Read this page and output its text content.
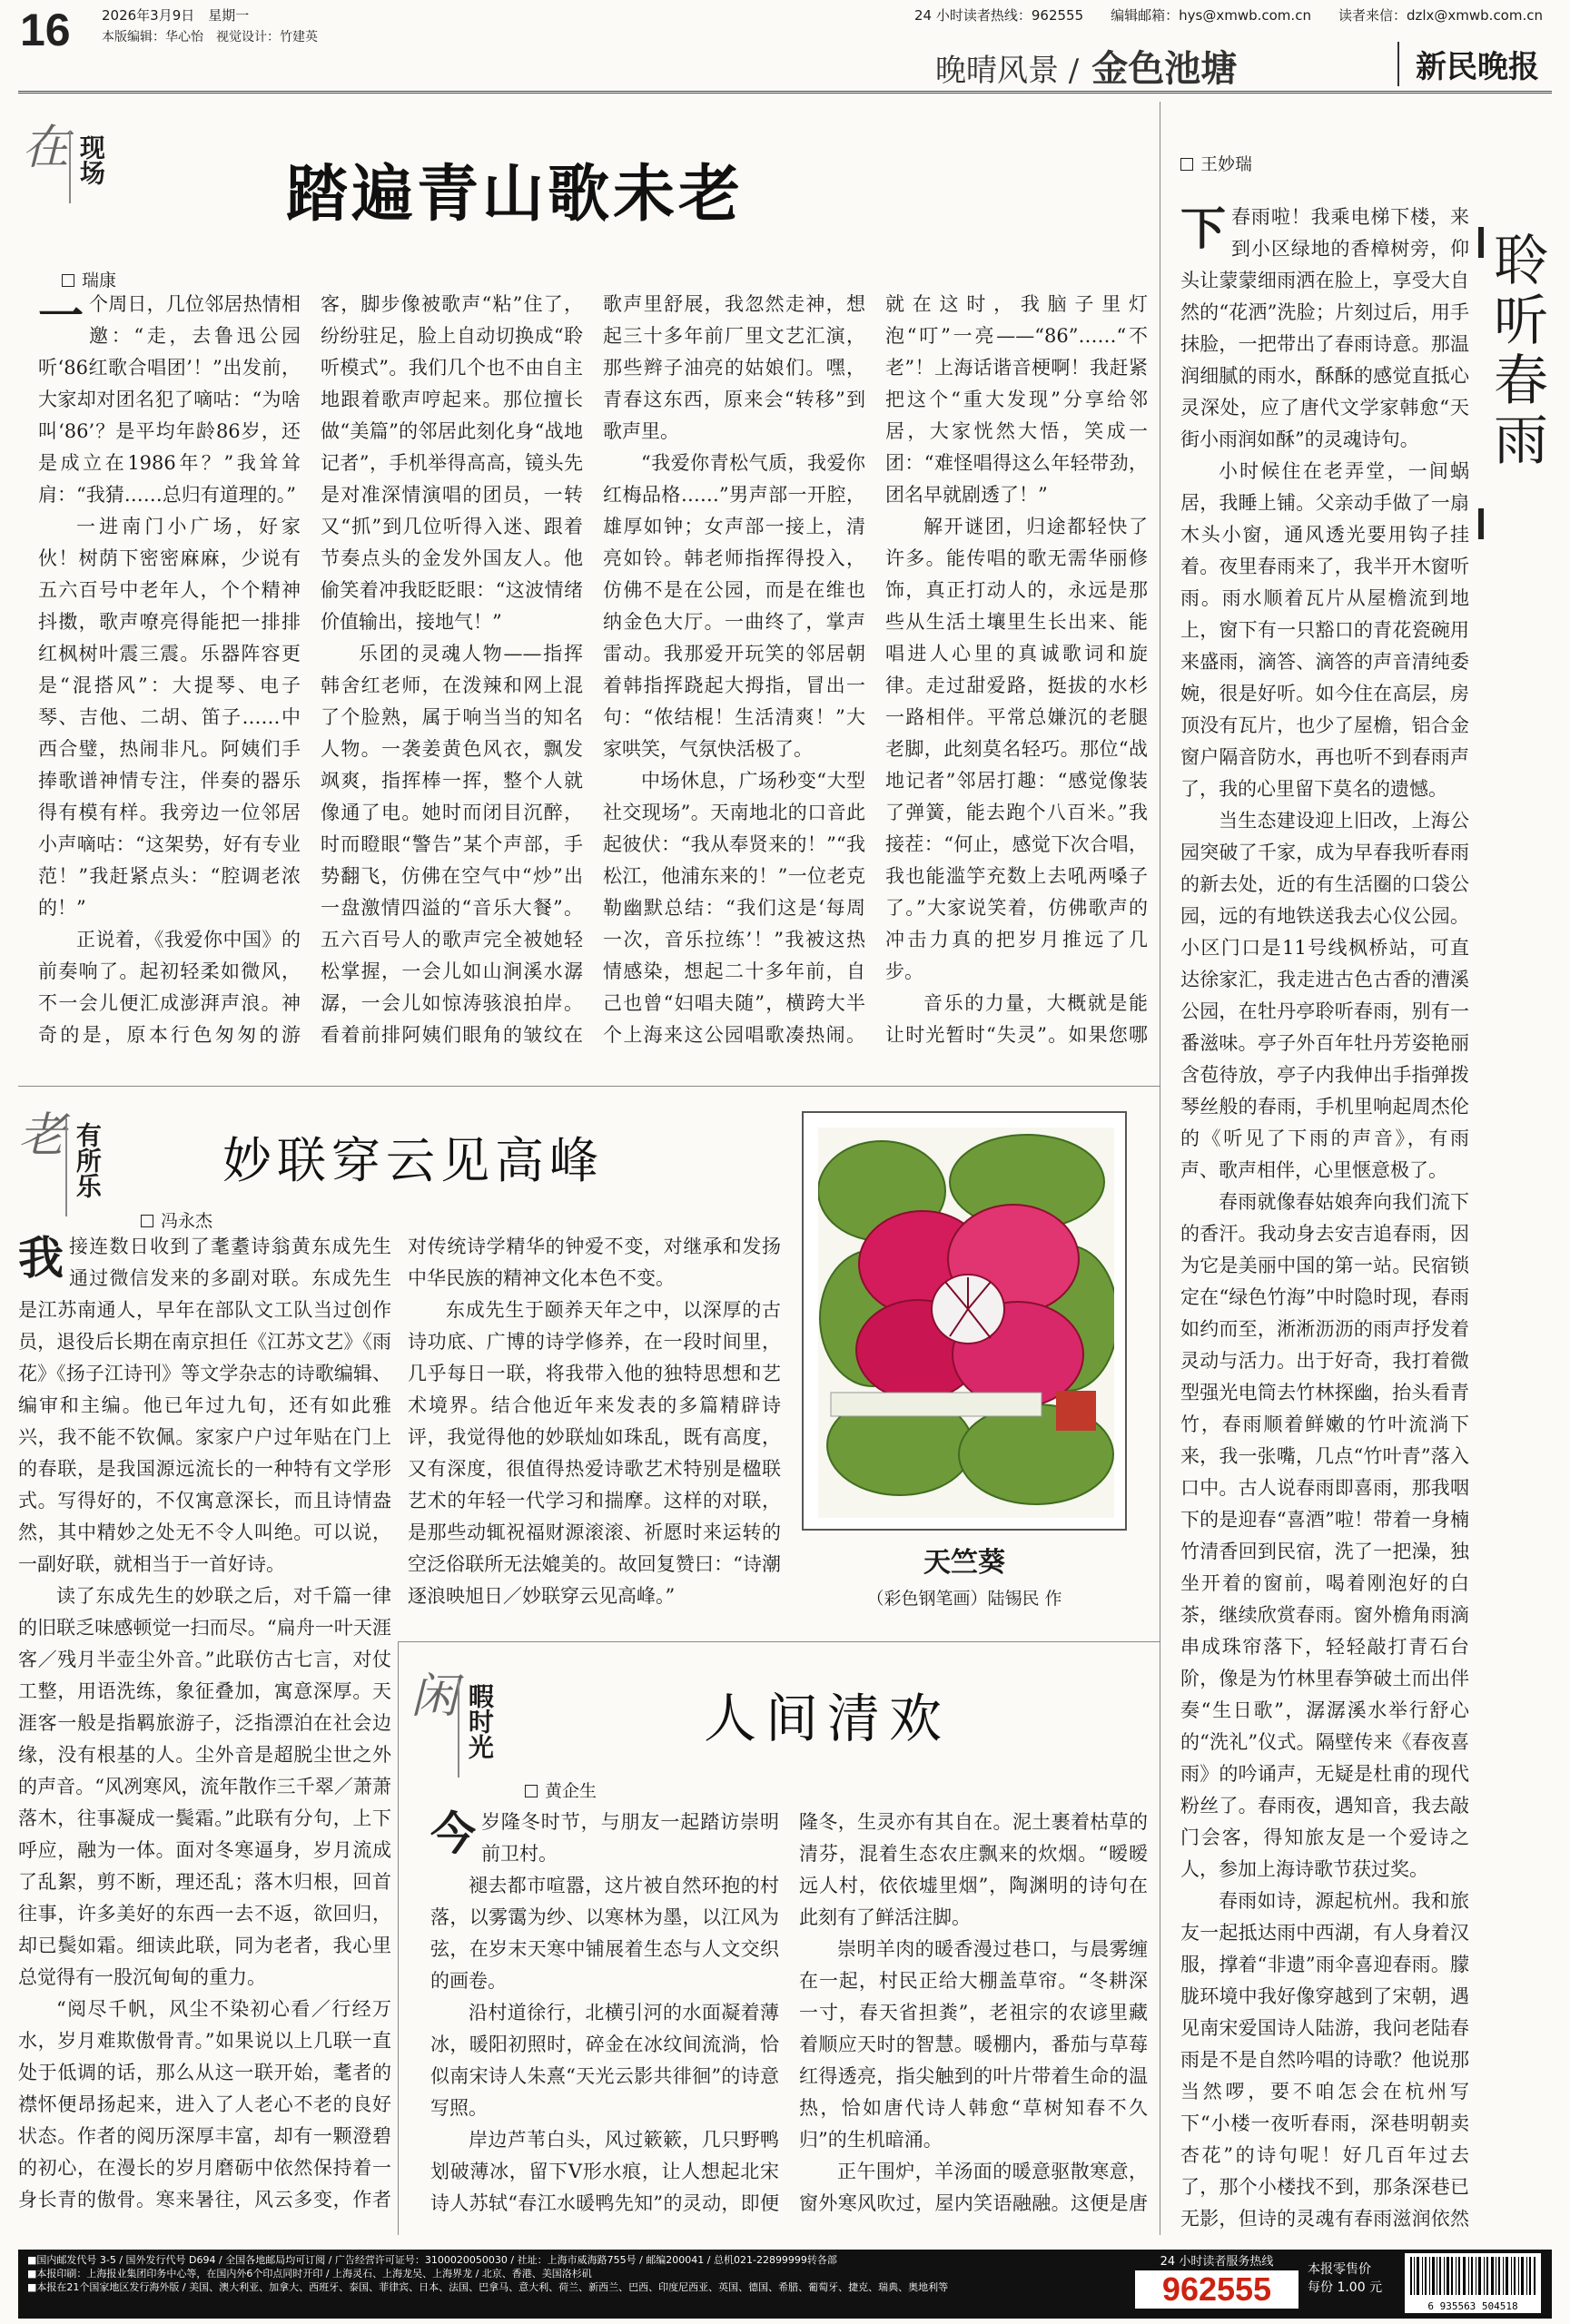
16 2026年3月9日　星期一
本版编辑：华心怡　视觉设计：竹建英
24 小时读者热线：962555 编辑邮箱：hys@xmwb.com.cn 读者来信：dzlx@xmwb.com.cn
晚晴风景 / 金色池塘	新民晚报
在 现场	踏遍青山歌未老
瑞康

一个周日，几位邻居热情相邀：“走，去鲁迅公园听‘86红歌合唱团’！”出发前，大家却对团名犯了嘀咕：“为啥叫‘86’？是平均年龄86岁，还是成立在1986年？”我耸耸肩：“我猜……总归有道理的。”

一进南门小广场，好家伙！树荫下密密麻麻，少说有五六百号中老年人，个个精神抖擞，歌声嘹亮得能把一排排红枫树叶震三震。乐器阵容更是“混搭风”：大提琴、电子琴、吉他、二胡、笛子……中西合璧，热闹非凡。阿姨们手捧歌谱神情专注，伴奏的器乐得有模有样。我旁边一位邻居小声嘀咕：“这架势，好有专业范！”我赶紧点头：“腔调老浓的！”

正说着，《我爱你中国》的前奏响了。起初轻柔如微风，不一会儿便汇成澎湃声浪。神奇的是，原本行色匆匆的游客，脚步像被歌声“粘”住了，纷纷驻足，脸上自动切换成“聆听模式”。我们几个也不由自主地跟着歌声哼起来。那位擅长做“美篇”的邻居此刻化身“战地记者”，手机举得高高，镜头先是对准深情演唱的团员，一转又“抓”到几位听得入迷、跟着节奏点头的金发外国友人。他偷笑着冲我眨眨眼：“这波情绪价值输出，接地气！”

乐团的灵魂人物——指挥韩舍红老师，在泼辣和网上混了个脸熟，属于响当当的知名人物。一袭姜黄色风衣，飘发飒爽，指挥棒一挥，整个人就像通了电。她时而闭目沉醉，时而瞪眼“警告”某个声部，手势翻飞，仿佛在空气中“炒”出一盘激情四溢的“音乐大餐”。五六百号人的歌声完全被她轻松掌握，一会儿如山涧溪水潺潺，一会儿如惊涛骇浪拍岸。看着前排阿姨们眼角的皱纹在歌声里舒展，我忽然走神，想起三十多年前厂里文艺汇演，那些辫子油亮的姑娘们。嘿，青春这东西，原来会“转移”到歌声里。

“我爱你青松气质，我爱你红梅品格……”男声部一开腔，雄厚如钟；女声部一接上，清亮如铃。韩老师指挥得投入，仿佛不是在公园，而是在维也纳金色大厅。一曲终了，掌声雷动。我那爱开玩笑的邻居朝着韩指挥跷起大拇指，冒出一句：“侬结棍！生活清爽！”大家哄笑，气氛快活极了。

中场休息，广场秒变“大型社交现场”。天南地北的口音此起彼伏：“我从奉贤来的！”“我松江，他浦东来的！”一位老克勒幽默总结：“我们这是‘每周一次，音乐拉练’！”我被这热情感染，想起二十多年前，自己也曾“妇唱夫随”，横跨大半个上海来这公园唱歌凑热闹。就在这时，我脑子里灯泡“叮”一亮——“86”……“不老”！上海话谐音梗啊！我赶紧把这个“重大发现”分享给邻居，大家恍然大悟，笑成一团：“难怪唱得这么年轻带劲，团名早就剧透了！”

解开谜团，归途都轻快了许多。能传唱的歌无需华丽修饰，真正打动人的，永远是那些从生活土壤里生长出来、能唱进人心里的真诚歌词和旋律。走过甜爱路，挺拔的水杉一路相伴。平常总嫌沉的老腿老脚，此刻莫名轻巧。那位“战地记者”邻居打趣：“感觉像装了弹簧，能去跑个八百米。”我接茬：“何止，感觉下次合唱，我也能滥竽充数上去吼两嗓子了。”大家说笑着，仿佛歌声的冲击力真的把岁月推远了几步。

音乐的力量，大概就是能让时光暂时“失灵”。如果您哪

王妙瑞
聆听春雨

下春雨啦！我乘电梯下楼，来到小区绿地的香樟树旁，仰头让蒙蒙细雨洒在脸上，享受大自然的“花洒”洗脸；片刻过后，用手抹脸，一把带出了春雨诗意。那温润细腻的雨水，酥酥的感觉直抵心灵深处，应了唐代文学家韩愈“天街小雨润如酥”的灵魂诗句。

小时候住在老弄堂，一间蜗居，我睡上铺。父亲动手做了一扇木头小窗，通风透光要用钩子挂着。夜里春雨来了，我半开木窗听雨。雨水顺着瓦片从屋檐流到地上，窗下有一只豁口的青花瓷碗用来盛雨，滴答、滴答的声音清纯委婉，很是好听。如今住在高层，房顶没有瓦片，也少了屋檐，铝合金窗户隔音防水，再也听不到春雨声了，我的心里留下莫名的遗憾。

当生态建设迎上旧改，上海公园突破了千家，成为早春我听春雨的新去处，近的有生活圈的口袋公园，远的有地铁送我去心仪公园。小区门口是11号线枫桥站，可直达徐家汇，我走进古色古香的漕溪公园，在牡丹亭聆听春雨，别有一番滋味。亭子外百年牡丹芳姿艳丽含苞待放，亭子内我伸出手指弹拨琴丝般的春雨，手机里响起周杰伦的《听见了下雨的声音》，有雨声、歌声相伴，心里惬意极了。

春雨就像春姑娘奔向我们流下的香汗。我动身去安吉追春雨，因为它是美丽中国的第一站。民宿锁定在“绿色竹海”中时隐时现，春雨如约而至，淅淅沥沥的雨声抒发着灵动与活力。出于好奇，我打着微型强光电筒去竹林探幽，抬头看青竹，春雨顺着鲜嫩的竹叶流淌下来，我一张嘴，几点“竹叶青”落入口中。古人说春雨即喜雨，那我咽下的是迎春“喜酒”啦！带着一身楠竹清香回到民宿，洗了一把澡，独坐开着的窗前，喝着刚泡好的白茶，继续欣赏春雨。窗外檐角雨滴串成珠帘落下，轻轻敲打青石台阶，像是为竹林里春笋破土而出伴奏“生日歌”，潺潺溪水举行舒心的“洗礼”仪式。隔壁传来《春夜喜雨》的吟诵声，无疑是杜甫的现代粉丝了。春雨夜，遇知音，我去敲门会客，得知旅友是一个爱诗之人，参加上海诗歌节获过奖。

春雨如诗，源起杭州。我和旅友一起抵达雨中西湖，有人身着汉服，撑着“非遗”雨伞喜迎春雨。朦胧环境中我好像穿越到了宋朝，遇见南宋爱国诗人陆游，我问老陆春雨是不是自然吟唱的诗歌？他说那当然啰，要不咱怎会在杭州写下“小楼一夜听春雨，深巷明朝卖杏花”的诗句呢！好几百年过去了，那个小楼找不到，那条深巷已无影，但诗的灵魂有春雨滋润依然

老 有所乐 妙联穿云见高峰
冯永杰

我接连数日收到了耄耋诗翁黄东成先生通过微信发来的多副对联。东成先生是江苏南通人，早年在部队文工队当过创作员，退役后长期在南京担任《江苏文艺》《雨花》《扬子江诗刊》等文学杂志的诗歌编辑、编审和主编。他已年过九旬，还有如此雅兴，我不能不钦佩。家家户户过年贴在门上的春联，是我国源远流长的一种特有文学形式。写得好的，不仅寓意深长，而且诗情盎然，其中精妙之处无不令人叫绝。可以说，一副好联，就相当于一首好诗。

读了东成先生的妙联之后，对千篇一律的旧联乏味感顿觉一扫而尽。“扁舟一叶天涯客／残月半壶尘外音。”此联仿古七言，对仗工整，用语洗练，象征叠加，寓意深厚。天涯客一般是指羁旅游子，泛指漂泊在社会边缘，没有根基的人。尘外音是超脱尘世之外的声音。“风冽寒风，流年散作三千翠／萧萧落木，往事凝成一鬓霜。”此联有分句，上下呼应，融为一体。面对冬寒逼身，岁月流成了乱絮，剪不断，理还乱；落木归根，回首往事，许多美好的东西一去不返，欲回归，却已鬓如霜。细读此联，同为老者，我心里总觉得有一股沉甸甸的重力。

“阅尽千帆，风尘不染初心看／行经万水，岁月难欺傲骨青。”如果说以上几联一直处于低调的话，那么从这一联开始，耄者的襟怀便昂扬起来，进入了人老心不老的良好状态。作者的阅历深厚丰富，却有一颗澄碧的初心，在漫长的岁月磨砺中依然保持着一身长青的傲骨。寒来暑往，风云多变，作者对传统诗学精华的钟爱不变，对继承和发扬中华民族的精神文化本色不变。

东成先生于颐养天年之中，以深厚的古诗功底、广博的诗学修养，在一段时间里，几乎每日一联，将我带入他的独特思想和艺术境界。结合他近年来发表的多篇精辟诗评，我觉得他的妙联灿如珠乱，既有高度，又有深度，很值得热爱诗歌艺术特别是楹联艺术的年轻一代学习和揣摩。这样的对联，是那些动辄祝福财源滚滚、祈愿时来运转的空泛俗联所无法媲美的。故回复赞曰：“诗潮逐浪映旭日／妙联穿云见高峰。”

天竺葵
（彩色钢笔画）陆锡民 作
闲 暇时光	人间清欢
黄企生

今岁隆冬时节，与朋友一起踏访崇明前卫村。

褪去都市喧嚣，这片被自然环抱的村落，以雾霭为纱、以寒林为墨，以江风为弦，在岁末天寒中铺展着生态与人文交织的画卷。

沿村道徐行，北横引河的水面凝着薄冰，暖阳初照时，碎金在冰纹间流淌，恰似南宋诗人朱熹“天光云影共徘徊”的诗意写照。

岸边芦苇白头，风过簌簌，几只野鸭划破薄冰，留下V形水痕，让人想起北宋诗人苏轼“春江水暖鸭先知”的灵动，即便隆冬，生灵亦有其自在。泥土裹着枯草的清芬，混着生态农庄飘来的炊烟。“暧暧远人村，依依墟里烟”，陶渊明的诗句在此刻有了鲜活注脚。

崇明羊肉的暖香漫过巷口，与晨雾缠在一起，村民正给大棚盖草帘。“冬耕深一寸，春天省担粪”，老祖宗的农谚里藏着顺应天时的智慧。暖棚内，番茄与草莓红得透亮，指尖触到的叶片带着生命的温热，恰如唐代诗人韩愈“草树知春不久归”的生机暗涌。

正午围炉，羊汤面的暖意驱散寒意，窗外寒风吹过，屋内笑语融融。这便是唐

■国内邮发代号 3-5 / 国外发行代号 D694 / 全国各地邮局均可订阅 / 广告经营许可证号：3100020050030 / 社址：上海市威海路755号 / 邮编200041 / 总机021-22899999转各部
■本报印刷：上海报业集团印务中心等，在国内外6个印点同时开印 / 上海灵石、上海龙吴、上海界龙 / 北京、香港、美国洛杉矶
■本报在21个国家地区发行海外版 / 美国、澳大利亚、加拿大、西班牙、泰国、菲律宾、日本、法国、巴拿马、意大利、荷兰、新西兰、巴西、印度尼西亚、英国、德国、希腊、葡萄牙、捷克、瑞典、奥地利等
24 小时读者服务热线
962555
本报零售价
每份 1.00 元
6 935563 504518
